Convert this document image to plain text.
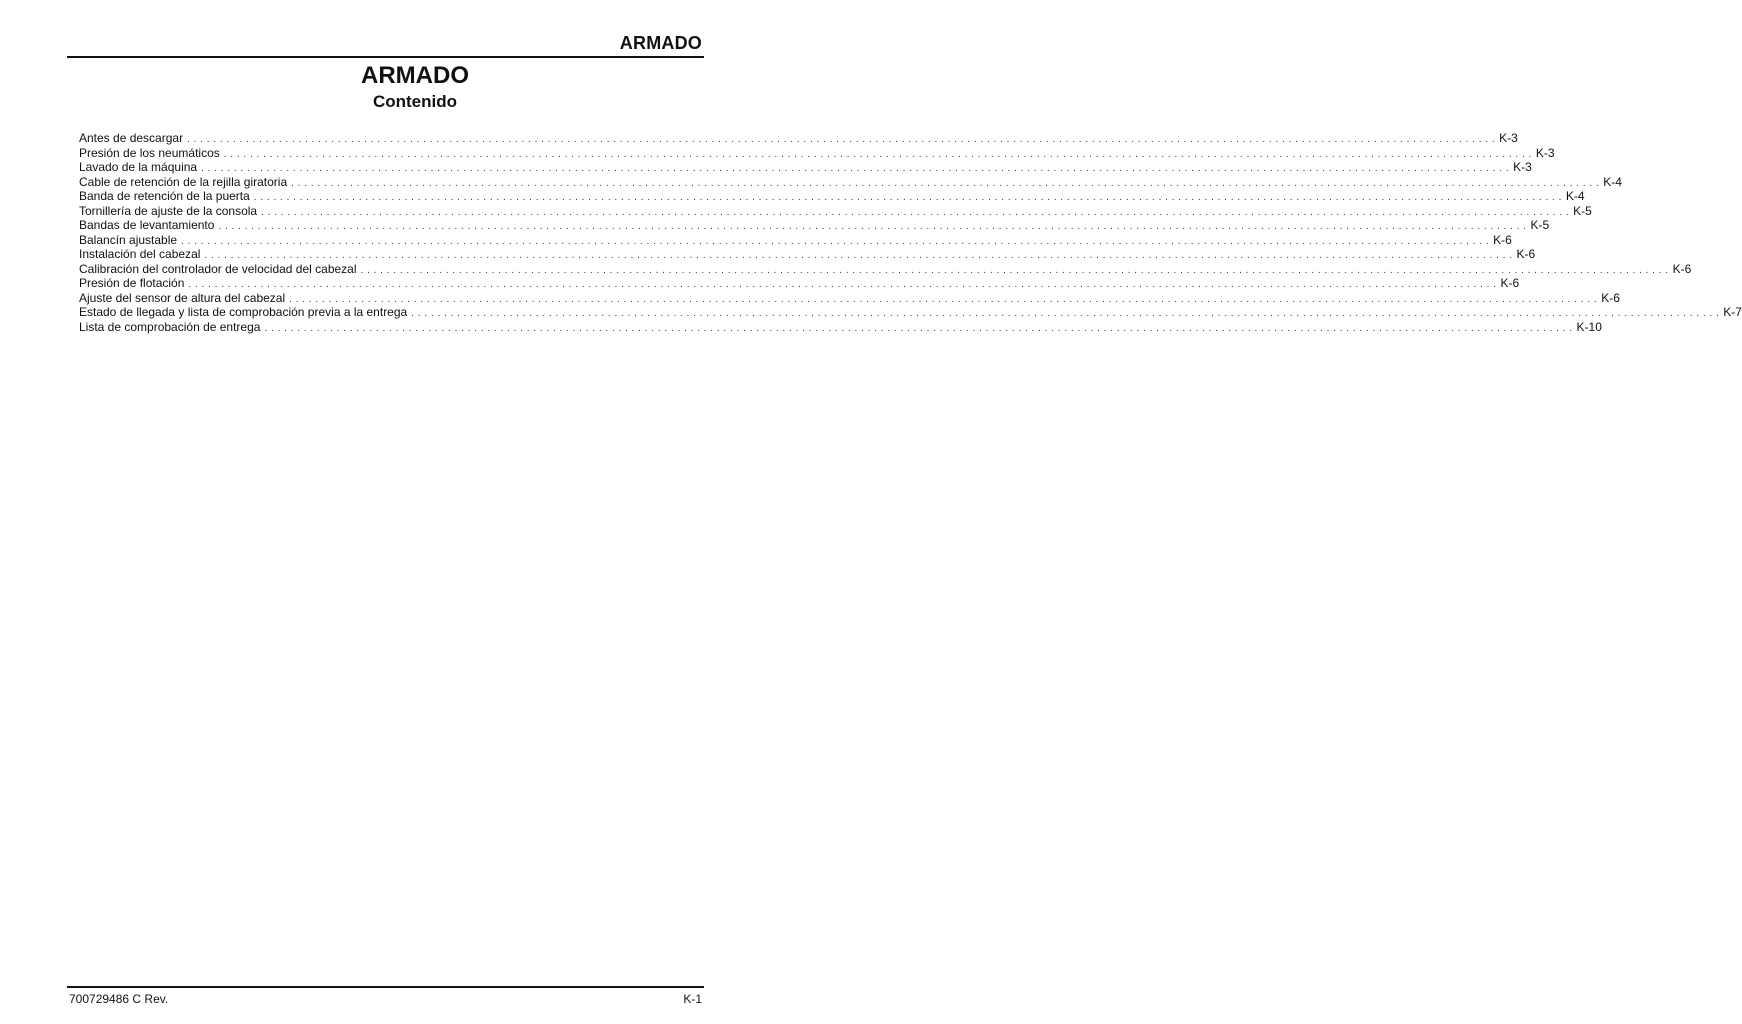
ARMADO
ARMADO
Contenido
Antes de descargar . . . . . . . . . . . . . . . . . . . . . . . . . . . . . . . . . . . . . . . . . . . . . . . . . . . . . . . . . . . . . . . . . . . . . . . . . . . . . . . . . . . . . . . . . . . . . . . . . . . . . . . . . . . . . . . . . . . . . . . . . . . . . . . . . . . . . . . . . . . . . . . . . . . . . . . . . . . . . . . . . . . . . . . . . . . . . . . . . . . . . . . . . . . . . . . . . . . . . . . . K-3
Presión de los neumáticos . . . . . . . . . . . . . . . . . . . . . . . . . . . . . . . . . . . . . . . . . . . . . . . . . . . . . . . . . . . . . . . . . . . . . . . . . . . . . . . . . . . . . . . . . . . . . . . . . . . . . . . . . . . . . . . . . . . . . . . . . . . . . . . . . . . . . . . . . . . . . . . . . . . . . . . . . . . . . . . . . . . . . . . . . . . . . . . . . . . . . . . . . . . . . . . . . . . . . . . . K-3
Lavado de la máquina . . . . . . . . . . . . . . . . . . . . . . . . . . . . . . . . . . . . . . . . . . . . . . . . . . . . . . . . . . . . . . . . . . . . . . . . . . . . . . . . . . . . . . . . . . . . . . . . . . . . . . . . . . . . . . . . . . . . . . . . . . . . . . . . . . . . . . . . . . . . . . . . . . . . . . . . . . . . . . . . . . . . . . . . . . . . . . . . . . . . . . . . . . . . . . . . . . . . . . . . K-3
Cable de retención de la rejilla giratoria . . . . . . . . . . . . . . . . . . . . . . . . . . . . . . . . . . . . . . . . . . . . . . . . . . . . . . . . . . . . . . . . . . . . . . . . . . . . . . . . . . . . . . . . . . . . . . . . . . . . . . . . . . . . . . . . . . . . . . . . . . . . . . . . . . . . . . . . . . . . . . . . . . . . . . . . . . . . . . . . . . . . . . . . . . . . . . . . . . . . . . . . . . . . . . . . . . . . . . . . K-4
Banda de retención de la puerta . . . . . . . . . . . . . . . . . . . . . . . . . . . . . . . . . . . . . . . . . . . . . . . . . . . . . . . . . . . . . . . . . . . . . . . . . . . . . . . . . . . . . . . . . . . . . . . . . . . . . . . . . . . . . . . . . . . . . . . . . . . . . . . . . . . . . . . . . . . . . . . . . . . . . . . . . . . . . . . . . . . . . . . . . . . . . . . . . . . . . . . . . . . . . . . . . . . . . . . . K-4
Tornillería de ajuste de la consola . . . . . . . . . . . . . . . . . . . . . . . . . . . . . . . . . . . . . . . . . . . . . . . . . . . . . . . . . . . . . . . . . . . . . . . . . . . . . . . . . . . . . . . . . . . . . . . . . . . . . . . . . . . . . . . . . . . . . . . . . . . . . . . . . . . . . . . . . . . . . . . . . . . . . . . . . . . . . . . . . . . . . . . . . . . . . . . . . . . . . . . . . . . . . . . . . . . . . . . . K-5
Bandas de levantamiento . . . . . . . . . . . . . . . . . . . . . . . . . . . . . . . . . . . . . . . . . . . . . . . . . . . . . . . . . . . . . . . . . . . . . . . . . . . . . . . . . . . . . . . . . . . . . . . . . . . . . . . . . . . . . . . . . . . . . . . . . . . . . . . . . . . . . . . . . . . . . . . . . . . . . . . . . . . . . . . . . . . . . . . . . . . . . . . . . . . . . . . . . . . . . . . . . . . . . . . . K-5
Balancín ajustable . . . . . . . . . . . . . . . . . . . . . . . . . . . . . . . . . . . . . . . . . . . . . . . . . . . . . . . . . . . . . . . . . . . . . . . . . . . . . . . . . . . . . . . . . . . . . . . . . . . . . . . . . . . . . . . . . . . . . . . . . . . . . . . . . . . . . . . . . . . . . . . . . . . . . . . . . . . . . . . . . . . . . . . . . . . . . . . . . . . . . . . . . . . . . . . . . . . . . . . . K-6
Instalación del cabezal . . . . . . . . . . . . . . . . . . . . . . . . . . . . . . . . . . . . . . . . . . . . . . . . . . . . . . . . . . . . . . . . . . . . . . . . . . . . . . . . . . . . . . . . . . . . . . . . . . . . . . . . . . . . . . . . . . . . . . . . . . . . . . . . . . . . . . . . . . . . . . . . . . . . . . . . . . . . . . . . . . . . . . . . . . . . . . . . . . . . . . . . . . . . . . . . . . . . . . . . K-6
Calibración del controlador de velocidad del cabezal . . . . . . . . . . . . . . . . . . . . . . . . . . . . . . . . . . . . . . . . . . . . . . . . . . . . . . . . . . . . . . . . . . . . . . . . . . . . . . . . . . . . . . . . . . . . . . . . . . . . . . . . . . . . . . . . . . . . . . . . . . . . . . . . . . . . . . . . . . . . . . . . . . . . . . . . . . . . . . . . . . . . . . . . . . . . . . . . . . . . . . . . . . . . . . . . . . . . . . . . K-6
Presión de flotación . . . . . . . . . . . . . . . . . . . . . . . . . . . . . . . . . . . . . . . . . . . . . . . . . . . . . . . . . . . . . . . . . . . . . . . . . . . . . . . . . . . . . . . . . . . . . . . . . . . . . . . . . . . . . . . . . . . . . . . . . . . . . . . . . . . . . . . . . . . . . . . . . . . . . . . . . . . . . . . . . . . . . . . . . . . . . . . . . . . . . . . . . . . . . . . . . . . . . . . . K-6
Ajuste del sensor de altura del cabezal . . . . . . . . . . . . . . . . . . . . . . . . . . . . . . . . . . . . . . . . . . . . . . . . . . . . . . . . . . . . . . . . . . . . . . . . . . . . . . . . . . . . . . . . . . . . . . . . . . . . . . . . . . . . . . . . . . . . . . . . . . . . . . . . . . . . . . . . . . . . . . . . . . . . . . . . . . . . . . . . . . . . . . . . . . . . . . . . . . . . . . . . . . . . . . . . . . . . . . . . K-6
Estado de llegada y lista de comprobación previa a la entrega . . . . . . . . . . . . . . . . . . . . . . . . . . . . . . . . . . . . . . . . . . . . . . . . . . . . . . . . . . . . . . . . . . . . . . . . . . . . . . . . . . . . . . . . . . . . . . . . . . . . . . . . . . . . . . . . . . . . . . . . . . . . . . . . . . . . . . . . . . . . . . . . . . . . . . . . . . . . . . . . . . . . . . . . . . . . . . . . . . . . . . . . . . . . . . . . . . . . . . . . K-7
Lista de comprobación de entrega . . . . . . . . . . . . . . . . . . . . . . . . . . . . . . . . . . . . . . . . . . . . . . . . . . . . . . . . . . . . . . . . . . . . . . . . . . . . . . . . . . . . . . . . . . . . . . . . . . . . . . . . . . . . . . . . . . . . . . . . . . . . . . . . . . . . . . . . . . . . . . . . . . . . . . . . . . . . . . . . . . . . . . . . . . . . . . . . . . . . . . . . . . . . . . . . . . . . . . . . K-10
700729486 C Rev.	K-1
